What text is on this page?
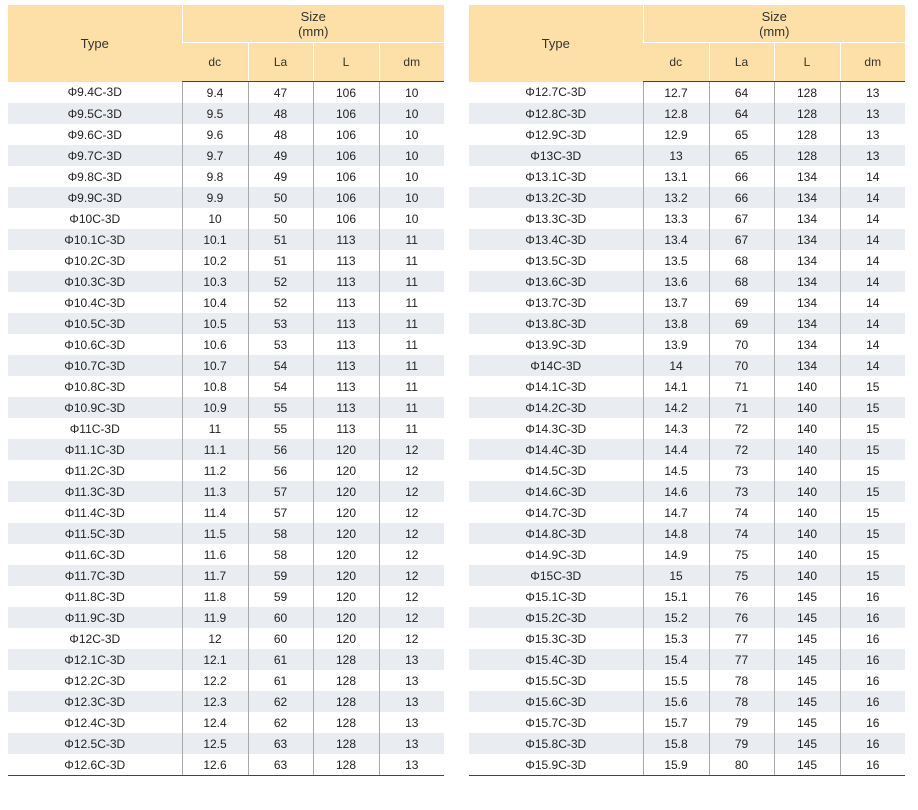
Type	Size
(mm)			

	dc	La	L	dm
Φ9.4C-3D	9.4	47	106	10
Φ9.5C-3D	9.5	48	106	10
Φ9.6C-3D	9.6	48	106	10
Φ9.7C-3D	9.7	49	106	10
Φ9.8C-3D	9.8	49	106	10
Φ9.9C-3D	9.9	50	106	10
Φ10C-3D	10	50	106	10
Φ10.1C-3D	10.1	51	113	11
Φ10.2C-3D	10.2	51	113	11
Φ10.3C-3D	10.3	52	113	11
Φ10.4C-3D	10.4	52	113	11
Φ10.5C-3D	10.5	53	113	11
Φ10.6C-3D	10.6	53	113	11
Φ10.7C-3D	10.7	54	113	11
Φ10.8C-3D	10.8	54	113	11
Φ10.9C-3D	10.9	55	113	11
Φ11C-3D	11	55	113	11
Φ11.1C-3D	11.1	56	120	12
Φ11.2C-3D	11.2	56	120	12
Φ11.3C-3D	11.3	57	120	12
Φ11.4C-3D	11.4	57	120	12
Φ11.5C-3D	11.5	58	120	12
Φ11.6C-3D	11.6	58	120	12
Φ11.7C-3D	11.7	59	120	12
Φ11.8C-3D	11.8	59	120	12
Φ11.9C-3D	11.9	60	120	12
Φ12C-3D	12	60	120	12
Φ12.1C-3D	12.1	61	128	13
Φ12.2C-3D	12.2	61	128	13
Φ12.3C-3D	12.3	62	128	13
Φ12.4C-3D	12.4	62	128	13
Φ12.5C-3D	12.5	63	128	13
Φ12.6C-3D	12.6	63	128	13
Type	Size
(mm)			

	dc	La	L	dm
Φ12.7C-3D	12.7	64	128	13
Φ12.8C-3D	12.8	64	128	13
Φ12.9C-3D	12.9	65	128	13
Φ13C-3D	13	65	128	13
Φ13.1C-3D	13.1	66	134	14
Φ13.2C-3D	13.2	66	134	14
Φ13.3C-3D	13.3	67	134	14
Φ13.4C-3D	13.4	67	134	14
Φ13.5C-3D	13.5	68	134	14
Φ13.6C-3D	13.6	68	134	14
Φ13.7C-3D	13.7	69	134	14
Φ13.8C-3D	13.8	69	134	14
Φ13.9C-3D	13.9	70	134	14
Φ14C-3D	14	70	134	14
Φ14.1C-3D	14.1	71	140	15
Φ14.2C-3D	14.2	71	140	15
Φ14.3C-3D	14.3	72	140	15
Φ14.4C-3D	14.4	72	140	15
Φ14.5C-3D	14.5	73	140	15
Φ14.6C-3D	14.6	73	140	15
Φ14.7C-3D	14.7	74	140	15
Φ14.8C-3D	14.8	74	140	15
Φ14.9C-3D	14.9	75	140	15
Φ15C-3D	15	75	140	15
Φ15.1C-3D	15.1	76	145	16
Φ15.2C-3D	15.2	76	145	16
Φ15.3C-3D	15.3	77	145	16
Φ15.4C-3D	15.4	77	145	16
Φ15.5C-3D	15.5	78	145	16
Φ15.6C-3D	15.6	78	145	16
Φ15.7C-3D	15.7	79	145	16
Φ15.8C-3D	15.8	79	145	16
Φ15.9C-3D	15.9	80	145	16
